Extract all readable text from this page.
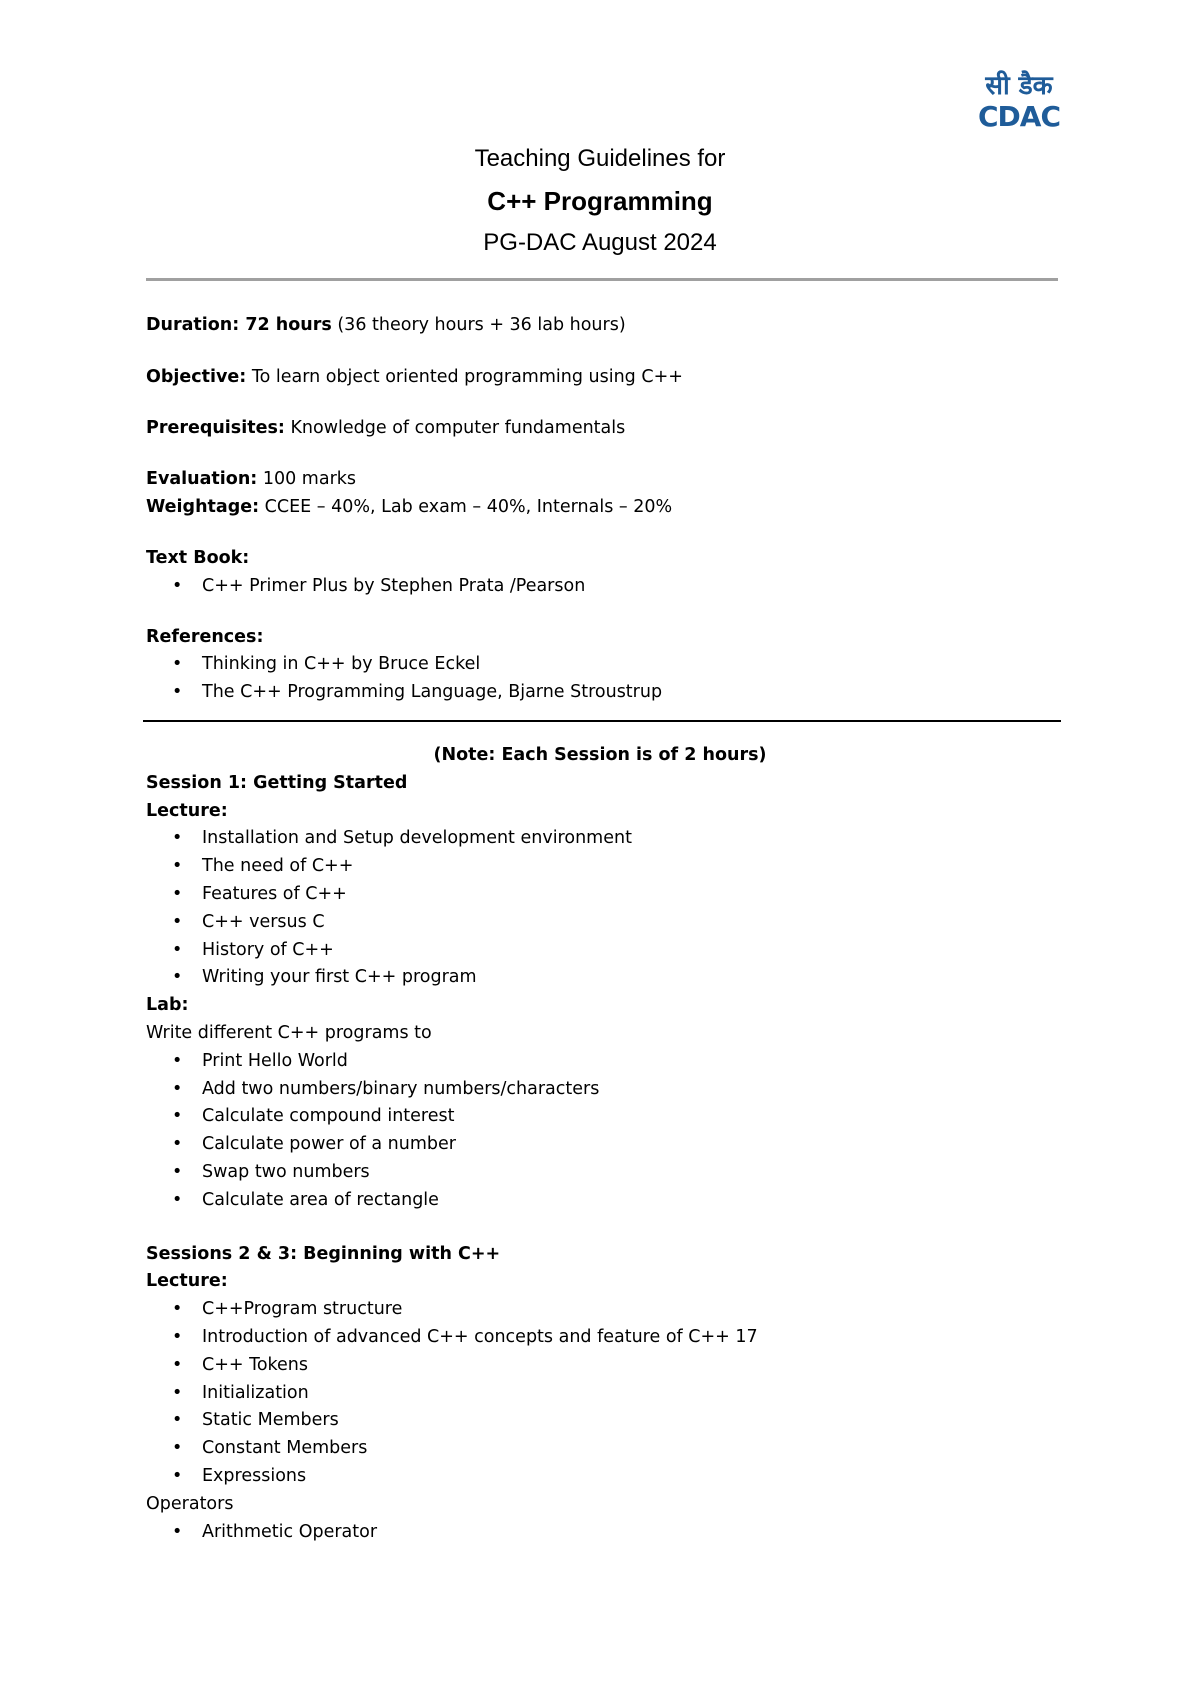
सी डैक
CDAC

Teaching Guidelines for

C++ Programming

PG-DAC August 2024

Duration: 72 hours (36 theory hours + 36 lab hours)

Objective: To learn object oriented programming using C++

Prerequisites: Knowledge of computer fundamentals

Evaluation: 100 marks

Weightage: CCEE – 40%, Lab exam – 40%, Internals – 20%

Text Book:

• C++ Primer Plus by Stephen Prata /Pearson

References:

• Thinking in C++ by Bruce Eckel
• The C++ Programming Language, Bjarne Stroustrup

(Note: Each Session is of 2 hours)

Session 1: Getting Started

Lecture:

• Installation and Setup development environment
• The need of C++
• Features of C++
• C++ versus C
• History of C++
• Writing your first C++ program

Lab:

Write different C++ programs to

• Print Hello World
• Add two numbers/binary numbers/characters
• Calculate compound interest
• Calculate power of a number
• Swap two numbers
• Calculate area of rectangle

Sessions 2 & 3: Beginning with C++

Lecture:

• C++Program structure
• Introduction of advanced C++ concepts and feature of C++ 17
• C++ Tokens
• Initialization
• Static Members
• Constant Members
• Expressions

Operators

• Arithmetic Operator
